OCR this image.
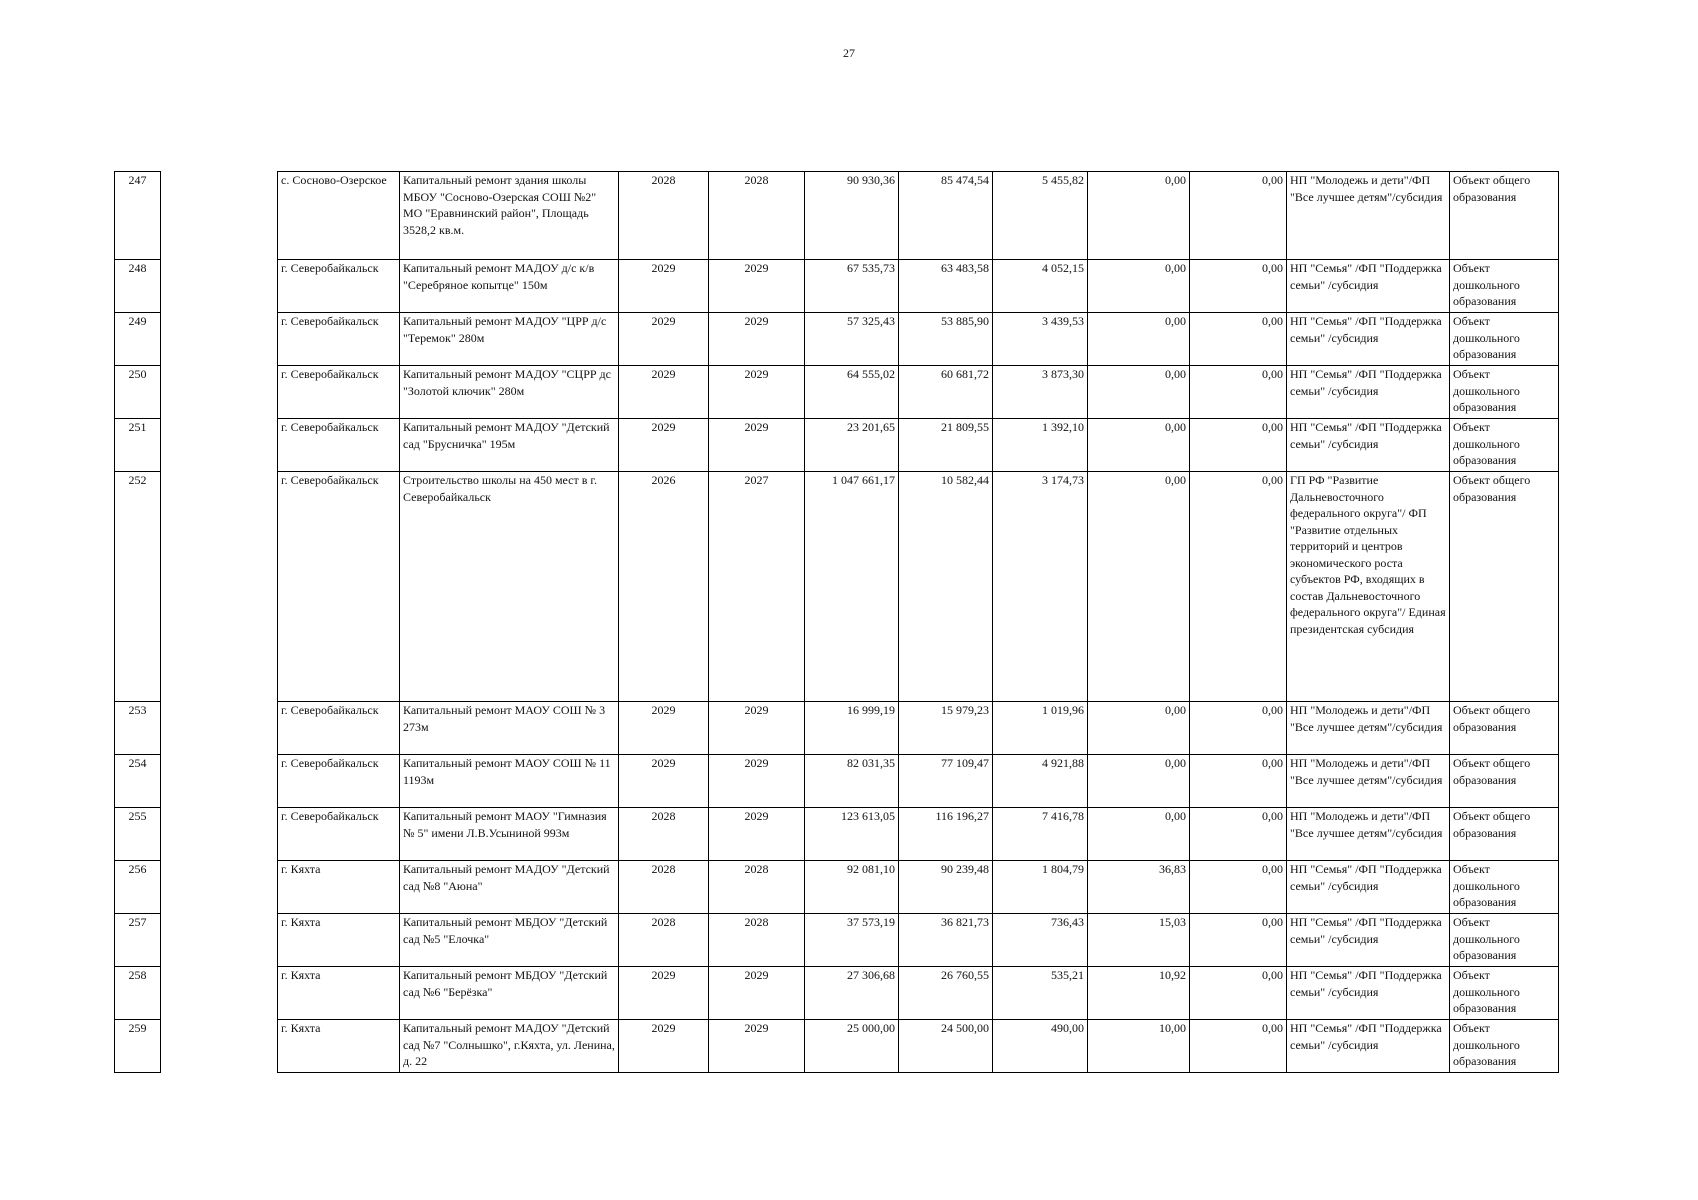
27
247		с. Сосново-Озерское	Капитальный ремонт здания школы МБОУ "Сосново-Озерская СОШ №2" МО "Еравнинский район", Площадь 3528,2 кв.м.	2028	2028	90 930,36	85 474,54	5 455,82	0,00	0,00	НП "Молодежь и дети"/ФП "Все лучшее детям"/субсидия	Объект общего образования
248		г. Северобайкальск	Капитальный ремонт МАДОУ д/с к/в "Серебряное копытце" 150м	2029	2029	67 535,73	63 483,58	4 052,15	0,00	0,00	НП "Семья" /ФП "Поддержка семьи" /субсидия	Объект дошкольного образования
249		г. Северобайкальск	Капитальный ремонт МАДОУ "ЦРР д/с "Теремок" 280м	2029	2029	57 325,43	53 885,90	3 439,53	0,00	0,00	НП "Семья" /ФП "Поддержка семьи" /субсидия	Объект дошкольного образования
250		г. Северобайкальск	Капитальный ремонт МАДОУ "СЦРР дс "Золотой ключик" 280м	2029	2029	64 555,02	60 681,72	3 873,30	0,00	0,00	НП "Семья" /ФП "Поддержка семьи" /субсидия	Объект дошкольного образования
251		г. Северобайкальск	Капитальный ремонт МАДОУ "Детский сад "Брусничка" 195м	2029	2029	23 201,65	21 809,55	1 392,10	0,00	0,00	НП "Семья" /ФП "Поддержка семьи" /субсидия	Объект дошкольного образования
252		г. Северобайкальск	Строительство школы на 450 мест в г. Северобайкальск	2026	2027	1 047 661,17	10 582,44	3 174,73	0,00	0,00	ГП РФ "Развитие Дальневосточного федерального округа"/ ФП "Развитие отдельных территорий и центров экономического роста субъектов РФ, входящих в состав Дальневосточного федерального округа"/ Единая президентская субсидия	Объект общего образования
253		г. Северобайкальск	Капитальный ремонт МАОУ СОШ № 3 273м	2029	2029	16 999,19	15 979,23	1 019,96	0,00	0,00	НП "Молодежь и дети"/ФП "Все лучшее детям"/субсидия	Объект общего образования
254		г. Северобайкальск	Капитальный ремонт МАОУ СОШ № 11 1193м	2029	2029	82 031,35	77 109,47	4 921,88	0,00	0,00	НП "Молодежь и дети"/ФП "Все лучшее детям"/субсидия	Объект общего образования
255		г. Северобайкальск	Капитальный ремонт МАОУ "Гимназия № 5" имени Л.В.Усыниной 993м	2028	2029	123 613,05	116 196,27	7 416,78	0,00	0,00	НП "Молодежь и дети"/ФП "Все лучшее детям"/субсидия	Объект общего образования
256		г. Кяхта	Капитальный ремонт МАДОУ "Детский сад №8 "Аюна"	2028	2028	92 081,10	90 239,48	1 804,79	36,83	0,00	НП "Семья" /ФП "Поддержка семьи" /субсидия	Объект дошкольного образования
257		г. Кяхта	Капитальный ремонт МБДОУ "Детский сад №5 "Елочка"	2028	2028	37 573,19	36 821,73	736,43	15,03	0,00	НП "Семья" /ФП "Поддержка семьи" /субсидия	Объект дошкольного образования
258		г. Кяхта	Капитальный ремонт МБДОУ "Детский сад №6 "Берёзка"	2029	2029	27 306,68	26 760,55	535,21	10,92	0,00	НП "Семья" /ФП "Поддержка семьи" /субсидия	Объект дошкольного образования
259		г. Кяхта	Капитальный ремонт МАДОУ "Детский сад №7 "Солнышко", г.Кяхта, ул. Ленина, д. 22	2029	2029	25 000,00	24 500,00	490,00	10,00	0,00	НП "Семья" /ФП "Поддержка семьи" /субсидия	Объект дошкольного образования
